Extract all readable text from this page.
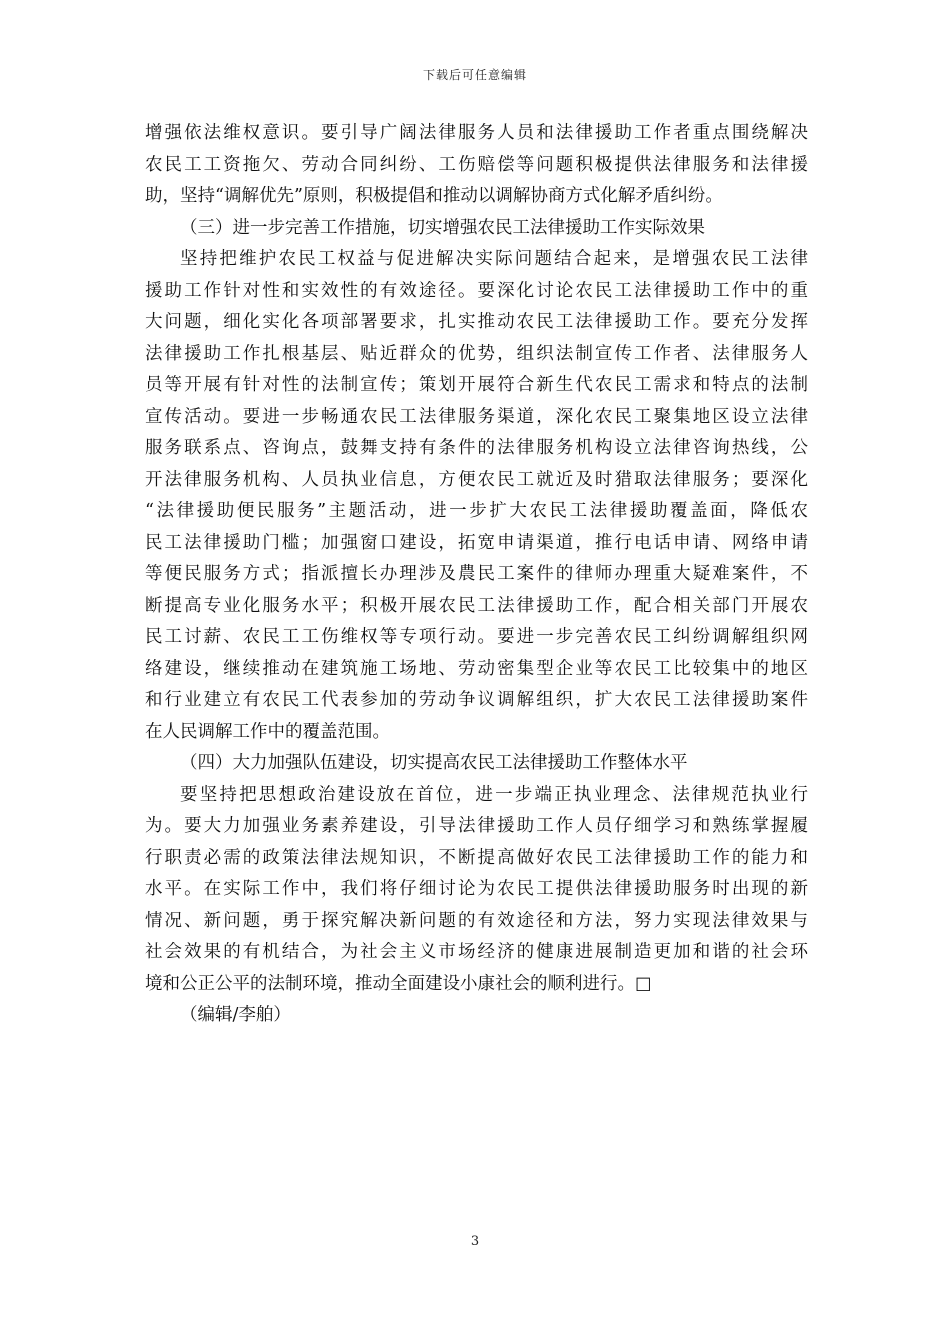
下载后可任意编辑
增强依法维权意识。要引导广阔法律服务人员和法律援助工作者重点围绕解决
农民工工资拖欠、劳动合同纠纷、工伤赔偿等问题积极提供法律服务和法律援
助，坚持“调解优先”原则，积极提倡和推动以调解协商方式化解矛盾纠纷。
（三）进一步完善工作措施，切实增强农民工法律援助工作实际效果
坚持把维护农民工权益与促进解决实际问题结合起来，是增强农民工法律
援助工作针对性和实效性的有效途径。要深化讨论农民工法律援助工作中的重
大问题，细化实化各项部署要求，扎实推动农民工法律援助工作。要充分发挥
法律援助工作扎根基层、贴近群众的优势，组织法制宣传工作者、法律服务人
员等开展有针对性的法制宣传；策划开展符合新生代农民工需求和特点的法制
宣传活动。要进一步畅通农民工法律服务渠道，深化农民工聚集地区设立法律
服务联系点、咨询点，鼓舞支持有条件的法律服务机构设立法律咨询热线，公
开法律服务机构、人员执业信息，方便农民工就近及时猎取法律服务；要深化
“法律援助便民服务”主题活动，进一步扩大农民工法律援助覆盖面，降低农
民工法律援助门槛；加强窗口建设，拓宽申请渠道，推行电话申请、网络申请
等便民服务方式；指派擅长办理涉及農民工案件的律师办理重大疑难案件，不
断提高专业化服务水平；积极开展农民工法律援助工作，配合相关部门开展农
民工讨薪、农民工工伤维权等专项行动。要进一步完善农民工纠纷调解组织网
络建设，继续推动在建筑施工场地、劳动密集型企业等农民工比较集中的地区
和行业建立有农民工代表参加的劳动争议调解组织，扩大农民工法律援助案件
在人民调解工作中的覆盖范围。
（四）大力加强队伍建设，切实提高农民工法律援助工作整体水平
要坚持把思想政治建设放在首位，进一步端正执业理念、法律规范执业行
为。要大力加强业务素养建设，引导法律援助工作人员仔细学习和熟练掌握履
行职责必需的政策法律法规知识，不断提高做好农民工法律援助工作的能力和
水平。在实际工作中，我们将仔细讨论为农民工提供法律援助服务时出现的新
情况、新问题，勇于探究解决新问题的有效途径和方法，努力实现法律效果与
社会效果的有机结合，为社会主义市场经济的健康进展制造更加和谐的社会环
境和公正公平的法制环境，推动全面建设小康社会的顺利进行。□
（编辑/李舶）
3
